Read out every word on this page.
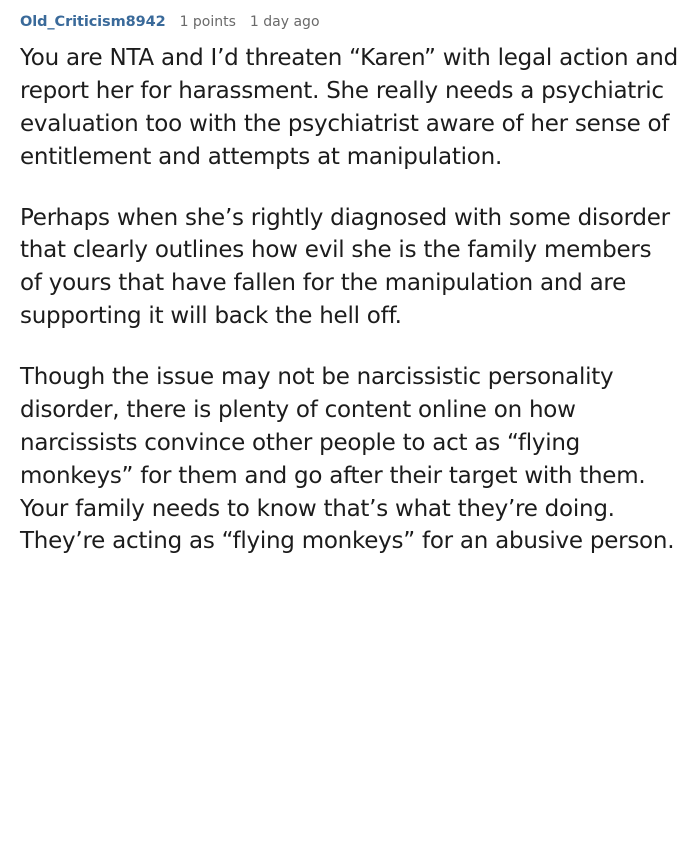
Old_Criticism8942 1 points 1 day ago

You are NTA and I’d threaten “Karen” with legal action and report her for harassment. She really needs a psychiatric evaluation too with the psychiatrist aware of her sense of entitlement and attempts at manipulation.

Perhaps when she’s rightly diagnosed with some disorder that clearly outlines how evil she is the family members of yours that have fallen for the manipulation and are supporting it will back the hell off.

Though the issue may not be narcissistic personality disorder, there is plenty of content online on how narcissists convince other people to act as “flying monkeys” for them and go after their target with them. Your family needs to know that’s what they’re doing. They’re acting as “flying monkeys” for an abusive person.
